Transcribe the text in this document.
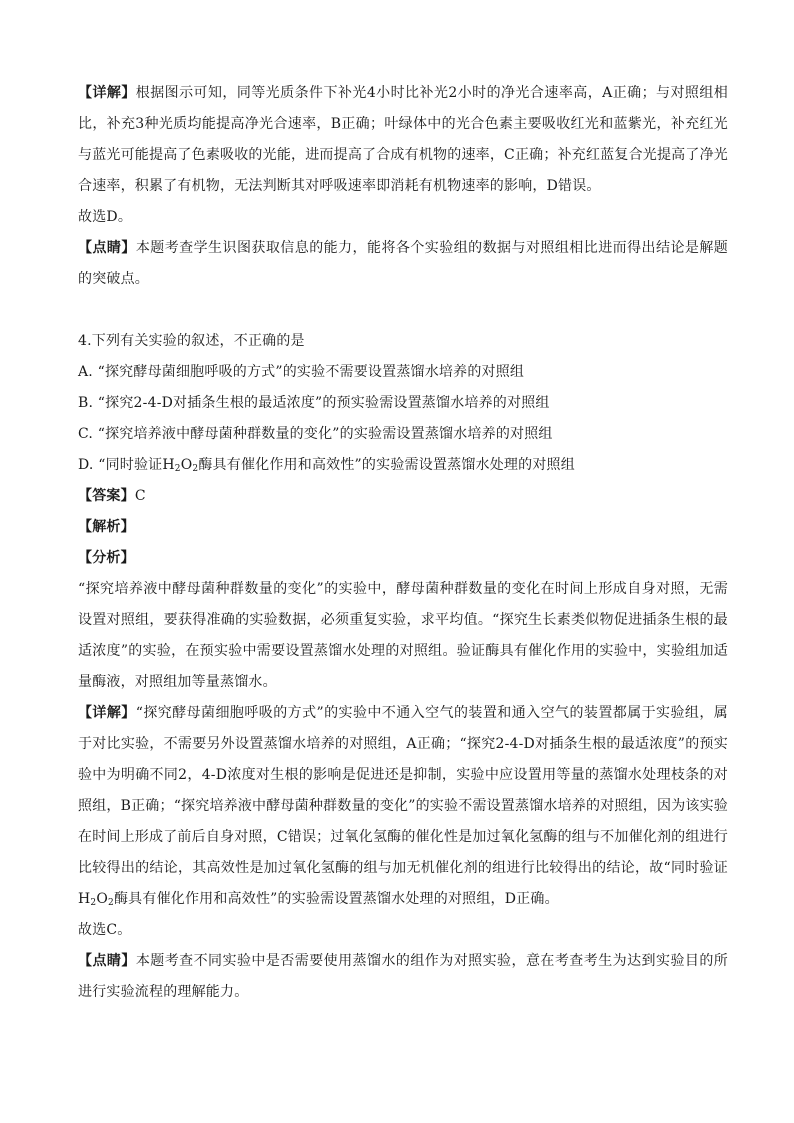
【详解】根据图示可知，同等光质条件下补光4小时比补光2小时的净光合速率高，A正确；与对照组相比，补充3种光质均能提高净光合速率，B正确；叶绿体中的光合色素主要吸收红光和蓝紫光，补充红光与蓝光可能提高了色素吸收的光能，进而提高了合成有机物的速率，C正确；补充红蓝复合光提高了净光合速率，积累了有机物，无法判断其对呼吸速率即消耗有机物速率的影响，D错误。

故选D。

【点睛】本题考查学生识图获取信息的能力，能将各个实验组的数据与对照组相比进而得出结论是解题的突破点。

4.下列有关实验的叙述，不正确的是

A. “探究酵母菌细胞呼吸的方式”的实验不需要设置蒸馏水培养的对照组

B. “探究2-4-D对插条生根的最适浓度”的预实验需设置蒸馏水培养的对照组

C. “探究培养液中酵母菌种群数量的变化”的实验需设置蒸馏水培养的对照组

D. “同时验证$H_2O_2$酶具有催化作用和高效性”的实验需设置蒸馏水处理的对照组

【答案】C

【解析】

【分析】

“探究培养液中酵母菌种群数量的变化”的实验中，酵母菌种群数量的变化在时间上形成自身对照，无需设置对照组，要获得准确的实验数据，必须重复实验，求平均值。“探究生长素类似物促进插条生根的最适浓度”的实验，在预实验中需要设置蒸馏水处理的对照组。验证酶具有催化作用的实验中，实验组加适量酶液，对照组加等量蒸馏水。

【详解】“探究酵母菌细胞呼吸的方式”的实验中不通入空气的装置和通入空气的装置都属于实验组，属于对比实验，不需要另外设置蒸馏水培养的对照组，A正确；“探究2-4-D对插条生根的最适浓度”的预实验中为明确不同2，4-D浓度对生根的影响是促进还是抑制，实验中应设置用等量的蒸馏水处理枝条的对照组，B正确；“探究培养液中酵母菌种群数量的变化”的实验不需设置蒸馏水培养的对照组，因为该实验在时间上形成了前后自身对照，C错误；过氧化氢酶的催化性是加过氧化氢酶的组与不加催化剂的组进行比较得出的结论，其高效性是加过氧化氢酶的组与加无机催化剂的组进行比较得出的结论，故“同时验证$H_2O_2$酶具有催化作用和高效性”的实验需设置蒸馏水处理的对照组，D正确。

故选C。

【点睛】本题考查不同实验中是否需要使用蒸馏水的组作为对照实验，意在考查考生为达到实验目的所进行实验流程的理解能力。
